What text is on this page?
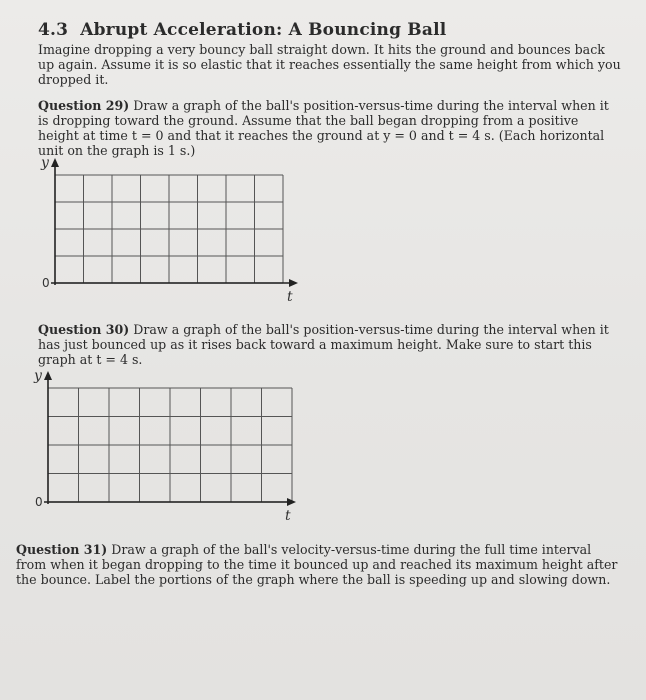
4.3 Abrupt Acceleration: A Bouncing Ball

Imagine dropping a very bouncy ball straight down. It hits the ground and bounces back up again. Assume it is so elastic that it reaches essentially the same height from which you dropped it.

Question 29) Draw a graph of the ball's position-versus-time during the interval when it is dropping toward the ground. Assume that the ball began dropping from a positive height at time t = 0 and that it reaches the ground at y = 0 and t = 4 s. (Each horizontal unit on the graph is 1 s.)

y
t
0

Question 30) Draw a graph of the ball's position-versus-time during the interval when it has just bounced up as it rises back toward a maximum height. Make sure to start this graph at t = 4 s.

y
t
0

Question 31) Draw a graph of the ball's velocity-versus-time during the full time interval from when it began dropping to the time it bounced up and reached its maximum height after the bounce. Label the portions of the graph where the ball is speeding up and slowing down.
